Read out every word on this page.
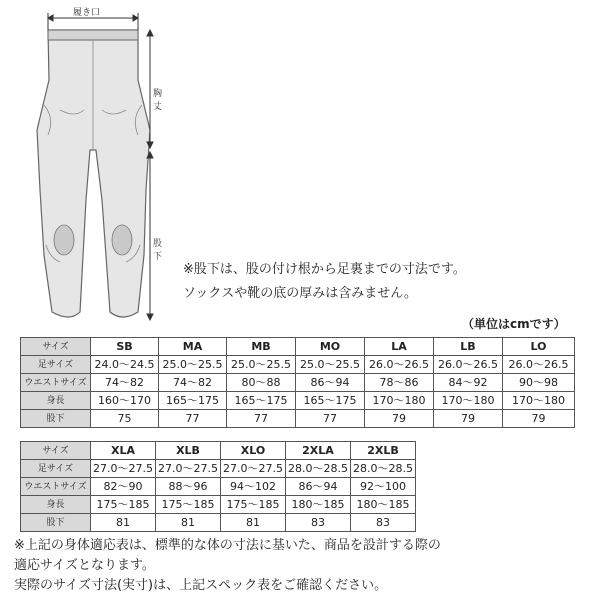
履き口
胸丈
股下
※股下は、股の付け根から足裏までの寸法です。
ソックスや靴の底の厚みは含みません。
（単位はcmです）
サイズ	SB	MA	MB	MO	LA	LB	LO
足サイズ	24.0～24.5	25.0～25.5	25.0～25.5	25.0～25.5	26.0～26.5	26.0～26.5	26.0～26.5
ウエストサイズ	74～82	74～82	80～88	86～94	78～86	84～92	90～98
身長	160～170	165～175	165～175	165～175	170～180	170～180	170～180
股下	75	77	77	77	79	79	79
サイズ	XLA	XLB	XLO	2XLA	2XLB
足サイズ	27.0～27.5	27.0～27.5	27.0～27.5	28.0～28.5	28.0～28.5
ウエストサイズ	82～90	88～96	94～102	86～94	92～100
身長	175～185	175～185	175～185	180～185	180～185
股下	81	81	81	83	83
※上記の身体適応表は、標準的な体の寸法に基いた、商品を設計する際の
適応サイズとなります。
実際のサイズ寸法(実寸)は、上記スペック表をご確認ください。
